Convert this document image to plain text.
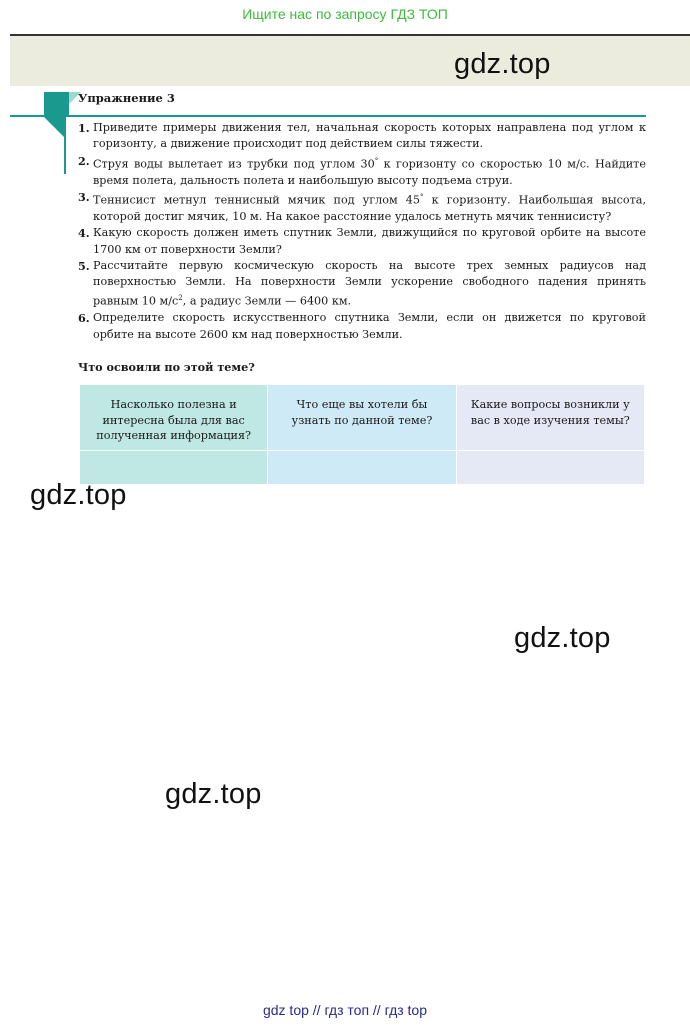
Ищите нас по запросу ГДЗ ТОП
gdz.top
Упражнение 3
1. Приведите примеры движения тел, начальная скорость которых направлена под углом к горизонту, а движение происходит под действием силы тяжести.
2. Струя воды вылетает из трубки под углом 30° к горизонту со скоростью 10 м/с. Найдите время полета, дальность полета и наибольшую высоту подъема струи.
3. Теннисист метнул теннисный мячик под углом 45° к горизонту. Наибольшая высота, которой достиг мячик, 10 м. На какое расстояние удалось метнуть мячик теннисисту?
4. Какую скорость должен иметь спутник Земли, движущийся по круговой орбите на высоте 1700 км от поверхности Земли?
5. Рассчитайте первую космическую скорость на высоте трех земных радиусов над поверхностью Земли. На поверхности Земли ускорение свободного падения принять равным 10 $м/с^2$, а радиус Земли — 6400 км.
6. Определите скорость искусственного спутника Земли, если он движется по круговой орбите на высоте 2600 км над поверхностью Земли.
Что освоили по этой теме?
Насколько полезна и интересна была для вас полученная информация?	Что еще вы хотели бы узнать по данной теме?	Какие вопросы возникли у вас в ходе изучения темы?

gdz.top
gdz.top
gdz.top
gdz top // гдз топ // гдз top
